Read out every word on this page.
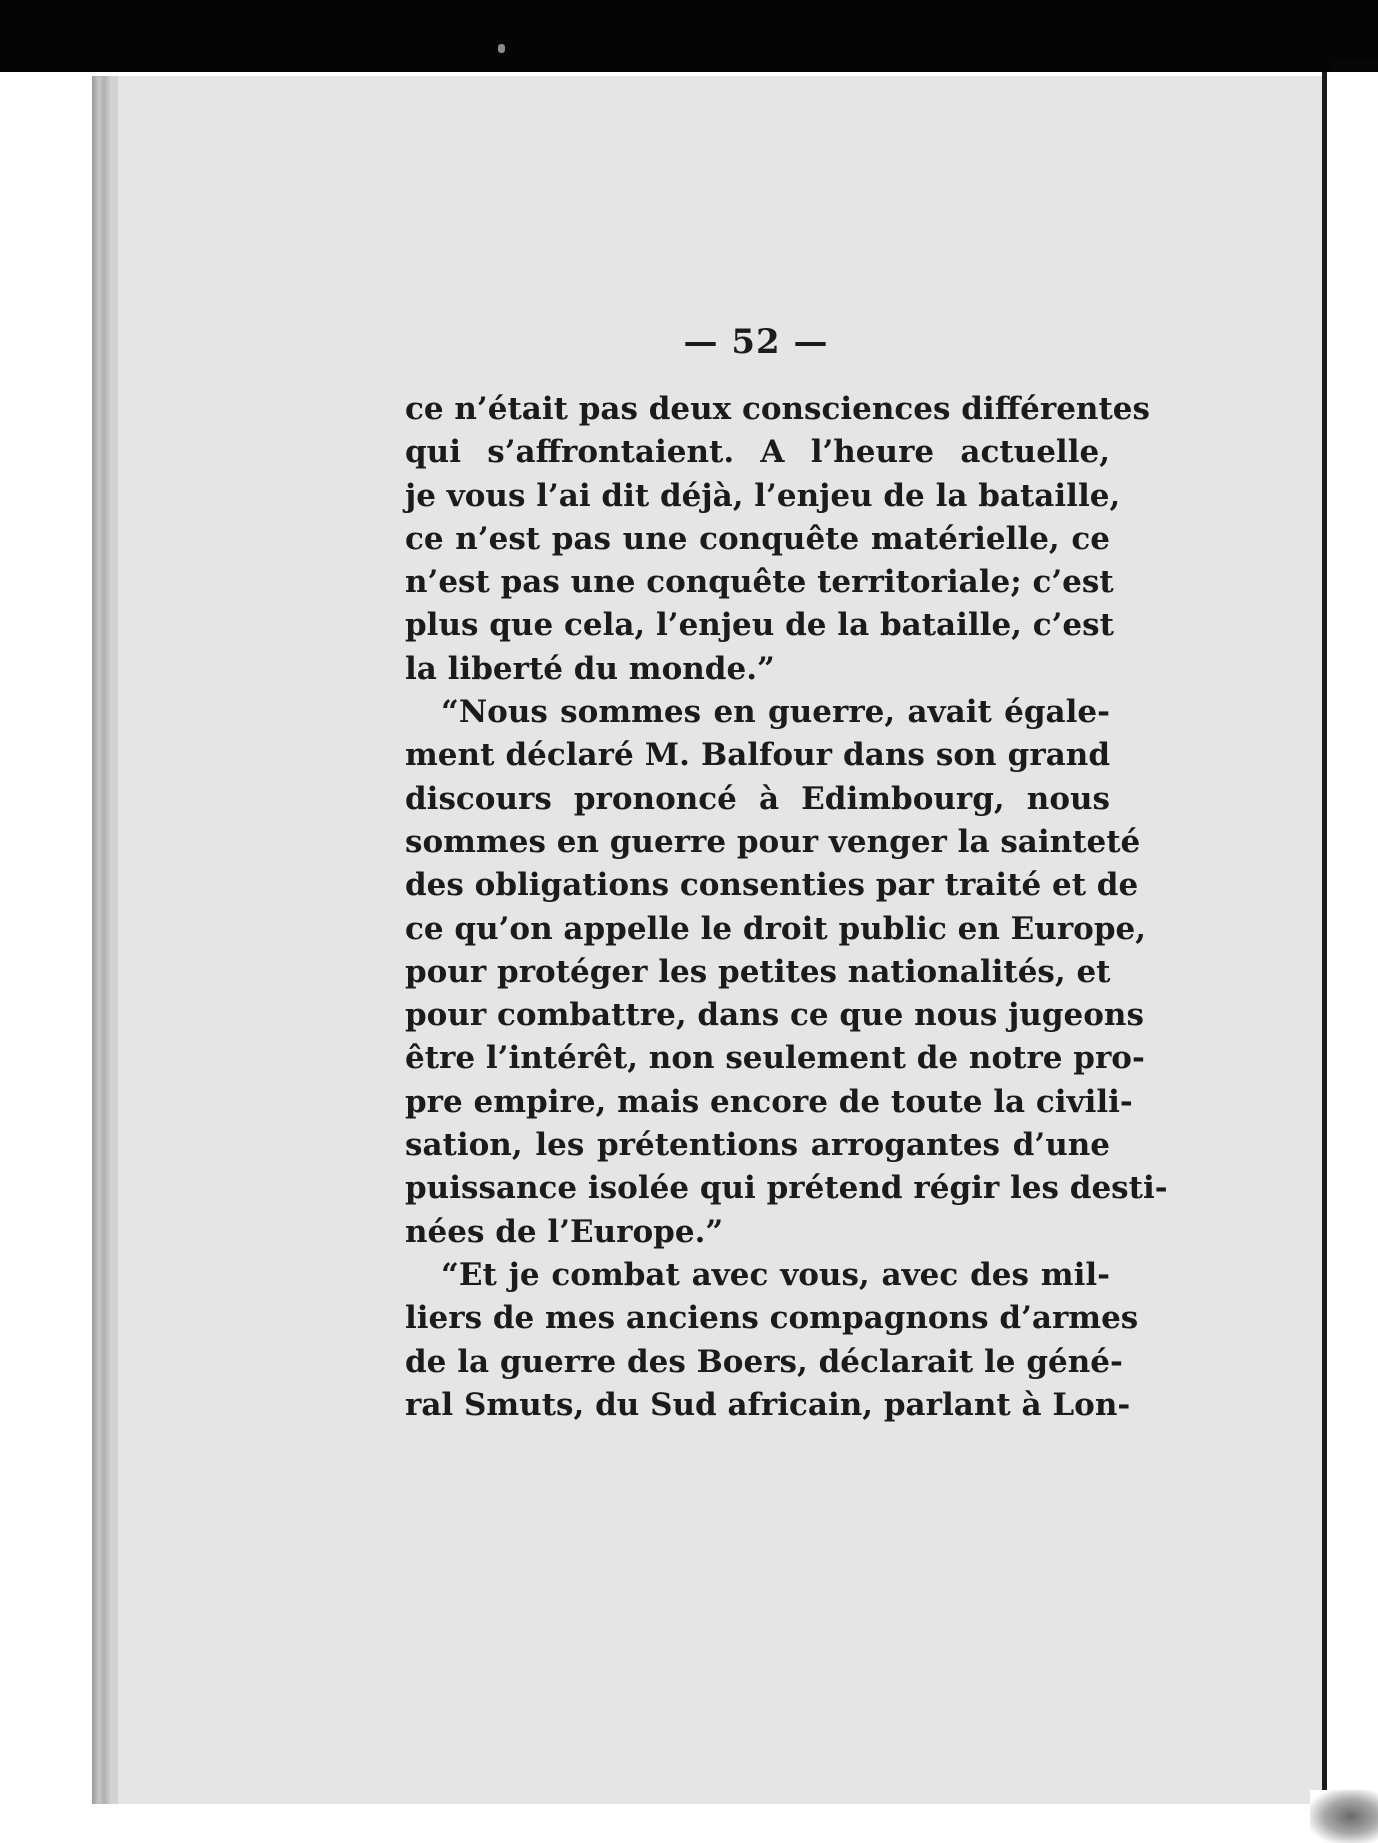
— 52 —
ce n’était pas deux consciences différentes
qui s’affrontaient. A l’heure actuelle,
je vous l’ai dit déjà, l’enjeu de la bataille,
ce n’est pas une conquête matérielle, ce
n’est pas une conquête territoriale; c’est
plus que cela, l’enjeu de la bataille, c’est
la liberté du monde.”
“Nous sommes en guerre, avait égale-
ment déclaré M. Balfour dans son grand
discours prononcé à Edimbourg, nous
sommes en guerre pour venger la sainteté
des obligations consenties par traité et de
ce qu’on appelle le droit public en Europe,
pour protéger les petites nationalités, et
pour combattre, dans ce que nous jugeons
être l’intérêt, non seulement de notre pro-
pre empire, mais encore de toute la civili-
sation, les prétentions arrogantes d’une
puissance isolée qui prétend régir les desti-
nées de l’Europe.”
“Et je combat avec vous, avec des mil-
liers de mes anciens compagnons d’armes
de la guerre des Boers, déclarait le géné-
ral Smuts, du Sud africain, parlant à Lon-
